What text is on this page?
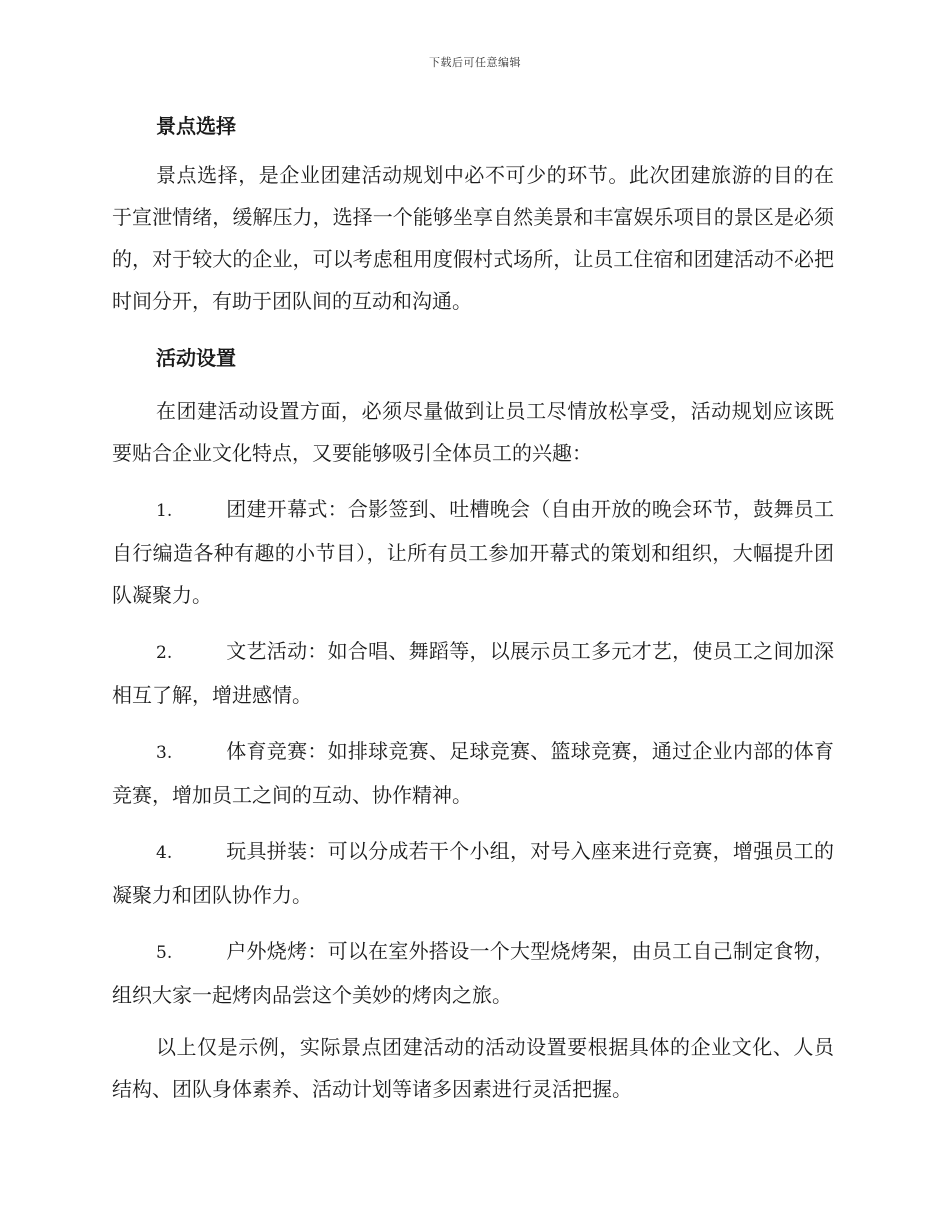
下载后可任意编辑
景点选择

景点选择，是企业团建活动规划中必不可少的环节。此次团建旅游的目的在于宣泄情绪，缓解压力，选择一个能够坐享自然美景和丰富娱乐项目的景区是必须的，对于较大的企业，可以考虑租用度假村式场所，让员工住宿和团建活动不必把时间分开，有助于团队间的互动和沟通。

活动设置

在团建活动设置方面，必须尽量做到让员工尽情放松享受，活动规划应该既要贴合企业文化特点，又要能够吸引全体员工的兴趣：

1.	团建开幕式：合影签到、吐槽晚会（自由开放的晚会环节，鼓舞员工自行编造各种有趣的小节目），让所有员工参加开幕式的策划和组织，大幅提升团队凝聚力。

2.	文艺活动：如合唱、舞蹈等，以展示员工多元才艺，使员工之间加深相互了解，增进感情。

3.	体育竞赛：如排球竞赛、足球竞赛、篮球竞赛，通过企业内部的体育竞赛，增加员工之间的互动、协作精神。

4.	玩具拼装：可以分成若干个小组，对号入座来进行竞赛，增强员工的凝聚力和团队协作力。

5.	户外烧烤：可以在室外搭设一个大型烧烤架，由员工自己制定食物，组织大家一起烤肉品尝这个美妙的烤肉之旅。

以上仅是示例，实际景点团建活动的活动设置要根据具体的企业文化、人员结构、团队身体素养、活动计划等诸多因素进行灵活把握。
